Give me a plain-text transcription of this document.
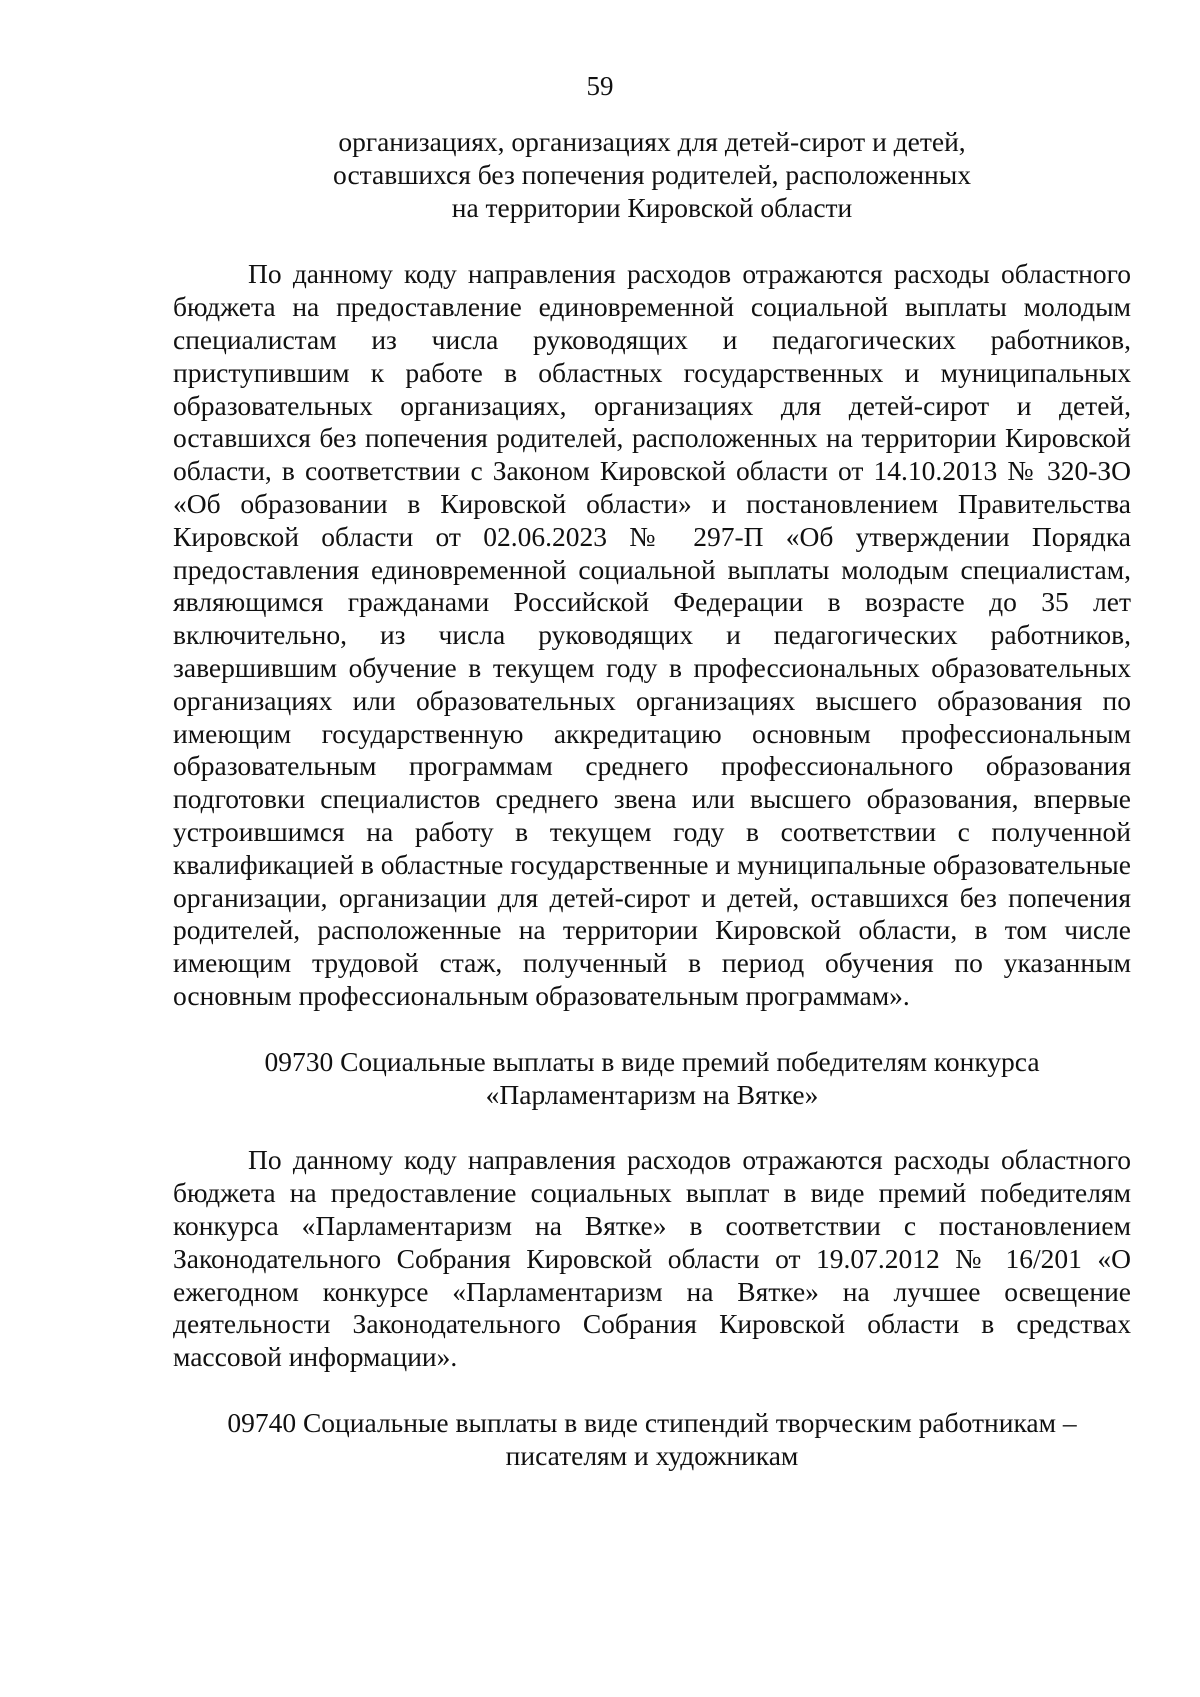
59
организациях, организациях для детей-сирот и детей,
оставшихся без попечения родителей, расположенных
на территории Кировской области

По данному коду направления расходов отражаются расходы областного бюджета на предоставление единовременной социальной выплаты молодым специалистам из числа руководящих и педагогических работников, приступившим к работе в областных государственных и муниципальных образовательных организациях, организациях для детей-сирот и детей, оставшихся без попечения родителей, расположенных на территории Кировской области, в соответствии с Законом Кировской области от 14.10.2013 № 320-ЗО «Об образовании в Кировской области» и постановлением Правительства Кировской области от 02.06.2023 № 297-П «Об утверждении Порядка предоставления единовременной социальной выплаты молодым специалистам, являющимся гражданами Российской Федерации в возрасте до 35 лет включительно, из числа руководящих и педагогических работников, завершившим обучение в текущем году в профессиональных образовательных организациях или образовательных организациях высшего образования по имеющим государственную аккредитацию основным профессиональным образовательным программам среднего профессионального образования подготовки специалистов среднего звена или высшего образования, впервые устроившимся на работу в текущем году в соответствии с полученной квалификацией в областные государственные и муниципальные образовательные организации, организации для детей-сирот и детей, оставшихся без попечения родителей, расположенные на территории Кировской области, в том числе имеющим трудовой стаж, полученный в период обучения по указанным основным профессиональным образовательным программам».

09730 Социальные выплаты в виде премий победителям конкурса
«Парламентаризм на Вятке»

По данному коду направления расходов отражаются расходы областного бюджета на предоставление социальных выплат в виде премий победителям конкурса «Парламентаризм на Вятке» в соответствии с постановлением Законодательного Собрания Кировской области от 19.07.2012 № 16/201 «О ежегодном конкурсе «Парламентаризм на Вятке» на лучшее освещение деятельности Законодательного Собрания Кировской области в средствах массовой информации».

09740 Социальные выплаты в виде стипендий творческим работникам –
писателям и художникам
